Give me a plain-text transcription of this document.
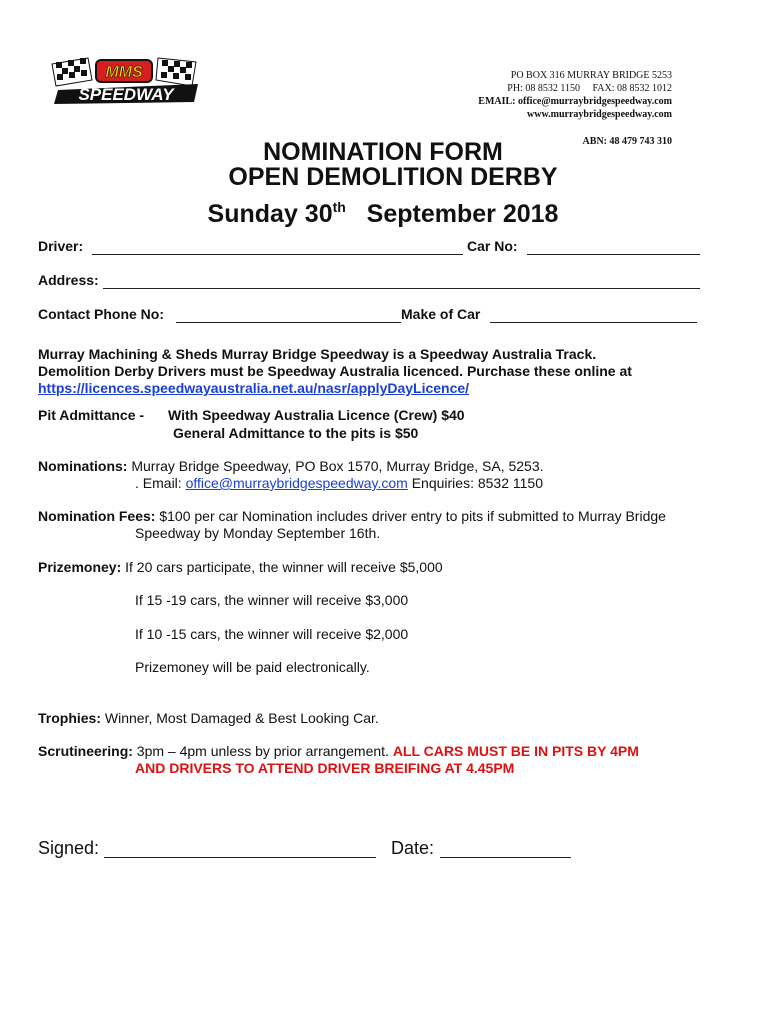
MMS
SPEEDWAY
PO BOX 316 MURRAY BRIDGE 5253
PH: 08 8532 1150     FAX: 08 8532 1012
EMAIL: office@murraybridgespeedway.com
www.murraybridgespeedway.com
ABN: 48 479 743 310
NOMINATION FORM
OPEN DEMOLITION DERBY
Sunday 30th   September 2018
Driver:	Car No:
Address:
Contact Phone No:	Make of Car
Murray Machining & Sheds Murray Bridge Speedway is a Speedway Australia Track.
Demolition Derby Drivers must be Speedway Australia licenced. Purchase these online at
https://licences.speedwayaustralia.net.au/nasr/applyDayLicence/
Pit Admittance - With Speedway Australia Licence (Crew) $40
General Admittance to the pits is $50
Nominations: Murray Bridge Speedway, PO Box 1570, Murray Bridge, SA, 5253.
. Email: office@murraybridgespeedway.com Enquiries: 8532 1150
Nomination Fees: $100 per car Nomination includes driver entry to pits if submitted to Murray Bridge
Speedway by Monday September 16th.
Prizemoney: If 20 cars participate, the winner will receive $5,000
If 15 -19 cars, the winner will receive $3,000
If 10 -15 cars, the winner will receive $2,000
Prizemoney will be paid electronically.
Trophies: Winner, Most Damaged & Best Looking Car.
Scrutineering: 3pm – 4pm unless by prior arrangement. ALL CARS MUST BE IN PITS BY 4PM
AND DRIVERS TO ATTEND DRIVER BREIFING AT 4.45PM
Signed:	Date:
